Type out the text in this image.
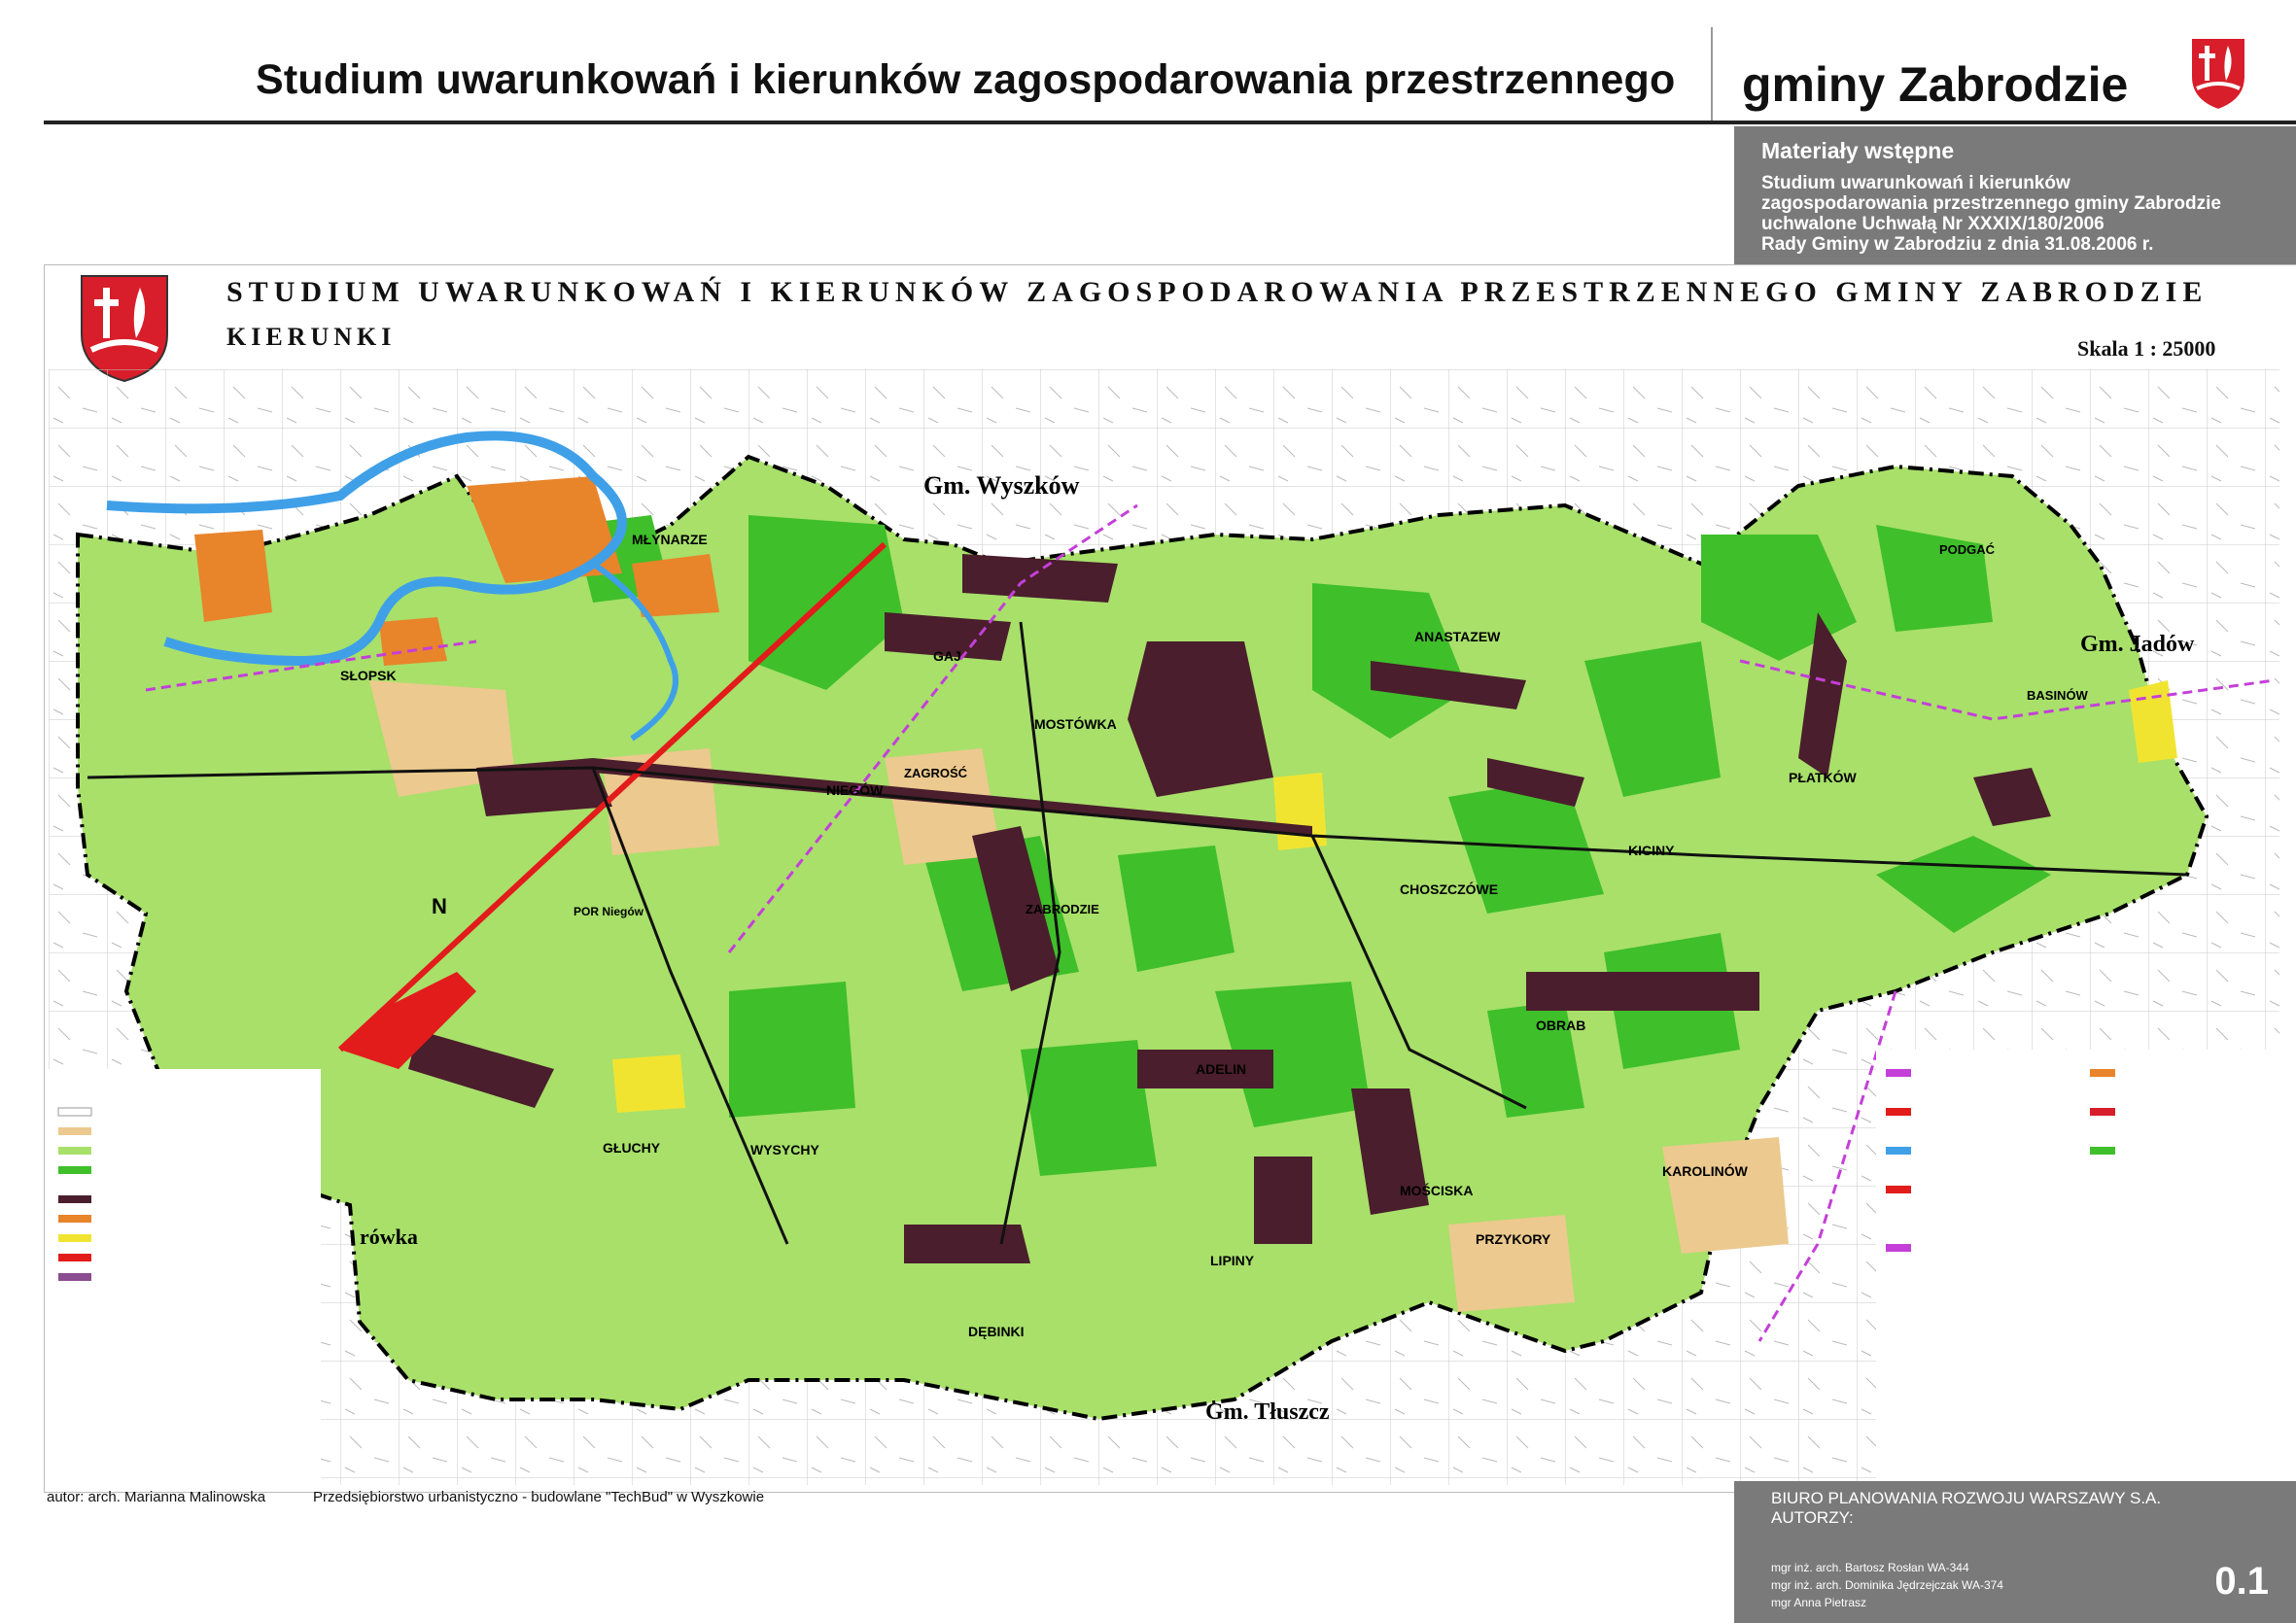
Studium uwarunkowań i kierunków zagospodarowania przestrzennego gminy Zabrodzie
Materiały wstępne
Studium uwarunkowań i kierunków
zagospodarowania przestrzennego gminy Zabrodzie
uchwalone Uchwałą Nr XXXIX/180/2006
Rady Gminy w Zabrodziu z dnia 31.08.2006 r.
STUDIUM UWARUNKOWAŃ I KIERUNKÓW ZAGOSPODAROWANIA PRZESTRZENNEGO GMINY ZABRODZIE
KIERUNKI	Skala 1 : 25000
Gm. Wyszków
Gm. Jadów
Gm. Tłuszcz
rówka
MŁYNARZE
SŁOPSK
NIEGÓW
GAJ
MOSTÓWKA
ZAGROŚĆ
ZABRODZIE
ANASTAZEW
PODGAĆ
BASINÓW
PŁATKÓW
KICINY
CHOSZCZÓWE
OBRAB
ADELIN
KAROLINÓW
MOŚCISKA
PRZYKORY
LIPINY
DĘBINKI
GŁUCHY	WYSYCHY
POR Niegów
N
autor: arch. Marianna Malinowska	Przedsiębiorstwo urbanistyczno - budowlane "TechBud" w Wyszkowie	BIURO PLANOWANIA ROZWOJU WARSZAWY S.A.
AUTORZY:
mgr inż. arch. Bartosz Rosłan WA-344
mgr inż. arch. Dominika Jędrzejczak WA-374
mgr Anna Pietrasz	0.1
